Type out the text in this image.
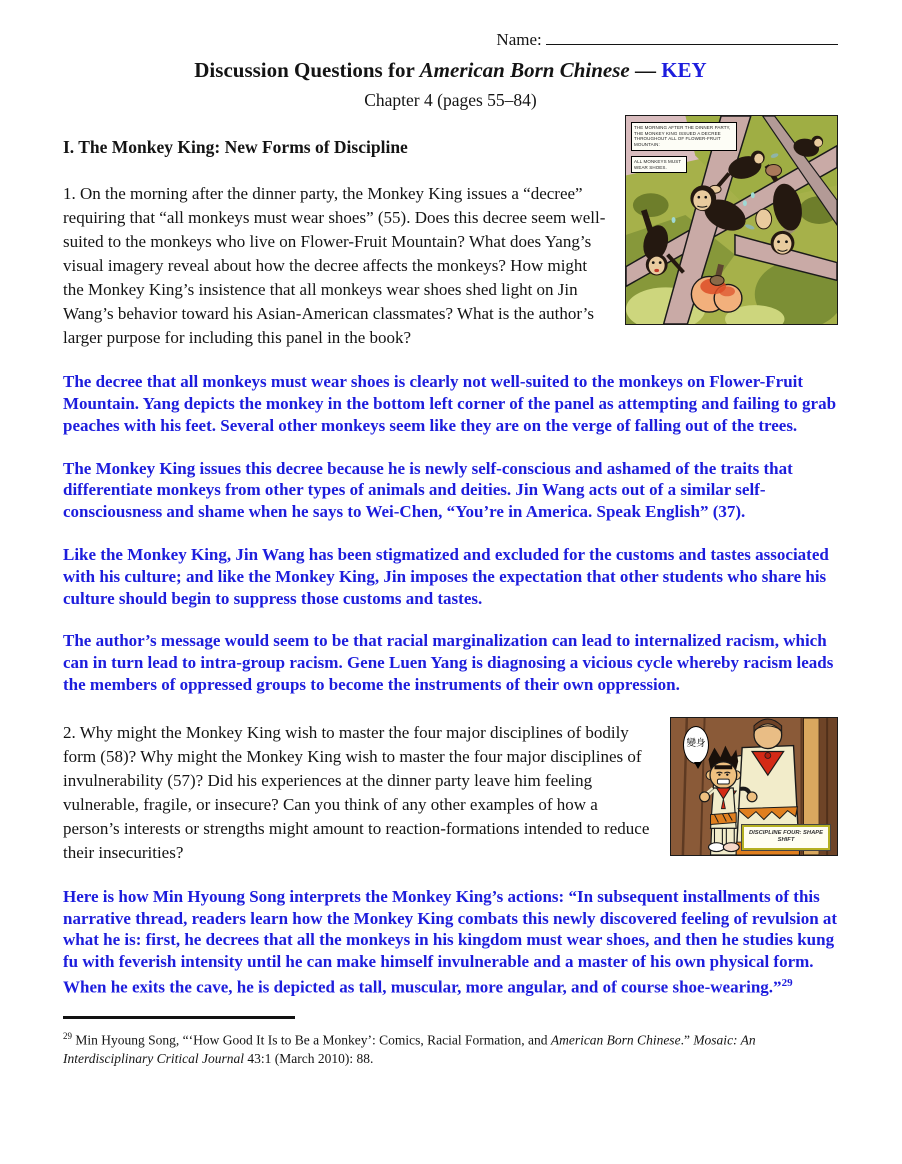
Name:
Discussion Questions for American Born Chinese — KEY
Chapter 4 (pages 55–84)
THE MORNING AFTER THE DINNER PARTY, THE MONKEY KING ISSUED A DECREE THROUGHOUT ALL OF FLOWER-FRUIT MOUNTAIN:
ALL MONKEYS MUST WEAR SHOES.
I. The Monkey King: New Forms of Discipline

1. On the morning after the dinner party, the Monkey King issues a “decree” requiring that “all monkeys must wear shoes” (55). Does this decree seem well-suited to the monkeys who live on Flower-Fruit Mountain? What does Yang’s visual imagery reveal about how the decree affects the monkeys? How might the Monkey King’s insistence that all monkeys wear shoes shed light on Jin Wang’s behavior toward his Asian-American classmates? What is the author’s larger purpose for including this panel in the book?

The decree that all monkeys must wear shoes is clearly not well-suited to the monkeys on Flower-Fruit Mountain. Yang depicts the monkey in the bottom left corner of the panel as attempting and failing to grab peaches with his feet. Several other monkeys seem like they are on the verge of falling out of the trees.

The Monkey King issues this decree because he is newly self-conscious and ashamed of the traits that differentiate monkeys from other types of animals and deities. Jin Wang acts out of a similar self-consciousness and shame when he says to Wei-Chen, “You’re in America. Speak English” (37).

Like the Monkey King, Jin Wang has been stigmatized and excluded for the customs and tastes associated with his culture; and like the Monkey King, Jin imposes the expectation that other students who share his culture should begin to suppress those customs and tastes.

The author’s message would seem to be that racial marginalization can lead to internalized racism, which can in turn lead to intra-group racism. Gene Luen Yang is diagnosing a vicious cycle whereby racism leads the members of oppressed groups to become the instruments of their own oppression.

變身
DISCIPLINE FOUR: SHAPE SHIFT

2. Why might the Monkey King wish to master the four major disciplines of bodily form (58)? Why might the Monkey King wish to master the four major disciplines of invulnerability (57)? Did his experiences at the dinner party leave him feeling vulnerable, fragile, or insecure? Can you think of any other examples of how a person’s interests or strengths might amount to reaction-formations intended to reduce their insecurities?

Here is how Min Hyoung Song interprets the Monkey King’s actions: “In subsequent installments of this narrative thread, readers learn how the Monkey King combats this newly discovered feeling of revulsion at what he is: first, he decrees that all the monkeys in his kingdom must wear shoes, and then he studies kung fu with feverish intensity until he can make himself invulnerable and a master of his own physical form. When he exits the cave, he is depicted as tall, muscular, more angular, and of course shoe-wearing.”$^{29}$

$^{29}$ Min Hyoung Song, “‘How Good It Is to Be a Monkey’: Comics, Racial Formation, and American Born Chinese.” Mosaic: An Interdisciplinary Critical Journal 43:1 (March 2010): 88.
